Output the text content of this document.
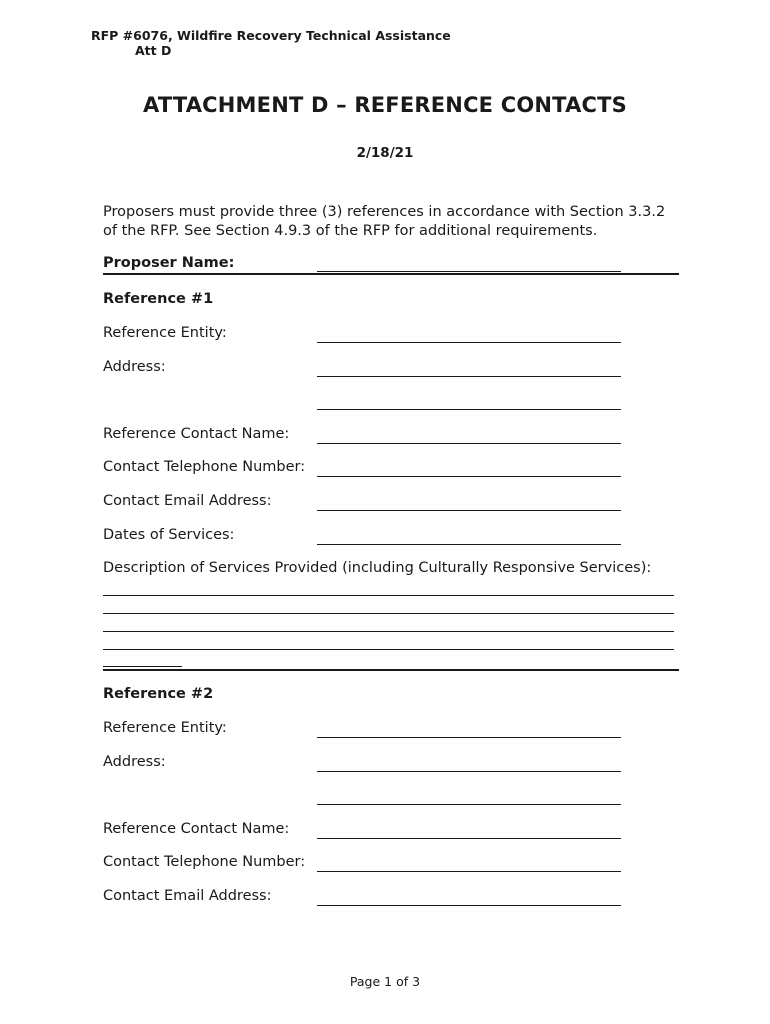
RFP #6076, Wildfire Recovery Technical Assistance
Att D
ATTACHMENT D – REFERENCE CONTACTS
2/18/21
Proposers must provide three (3) references in accordance with Section 3.3.2 of the RFP. See Section 4.9.3 of the RFP for additional requirements.
Proposer Name:
Reference #1
Reference Entity:
Address:
Reference Contact Name:
Contact Telephone Number:
Contact Email Address:
Dates of Services:
Description of Services Provided (including Culturally Responsive Services):
Reference #2
Reference Entity:
Address:
Reference Contact Name:
Contact Telephone Number:
Contact Email Address:
Page 1 of 3
